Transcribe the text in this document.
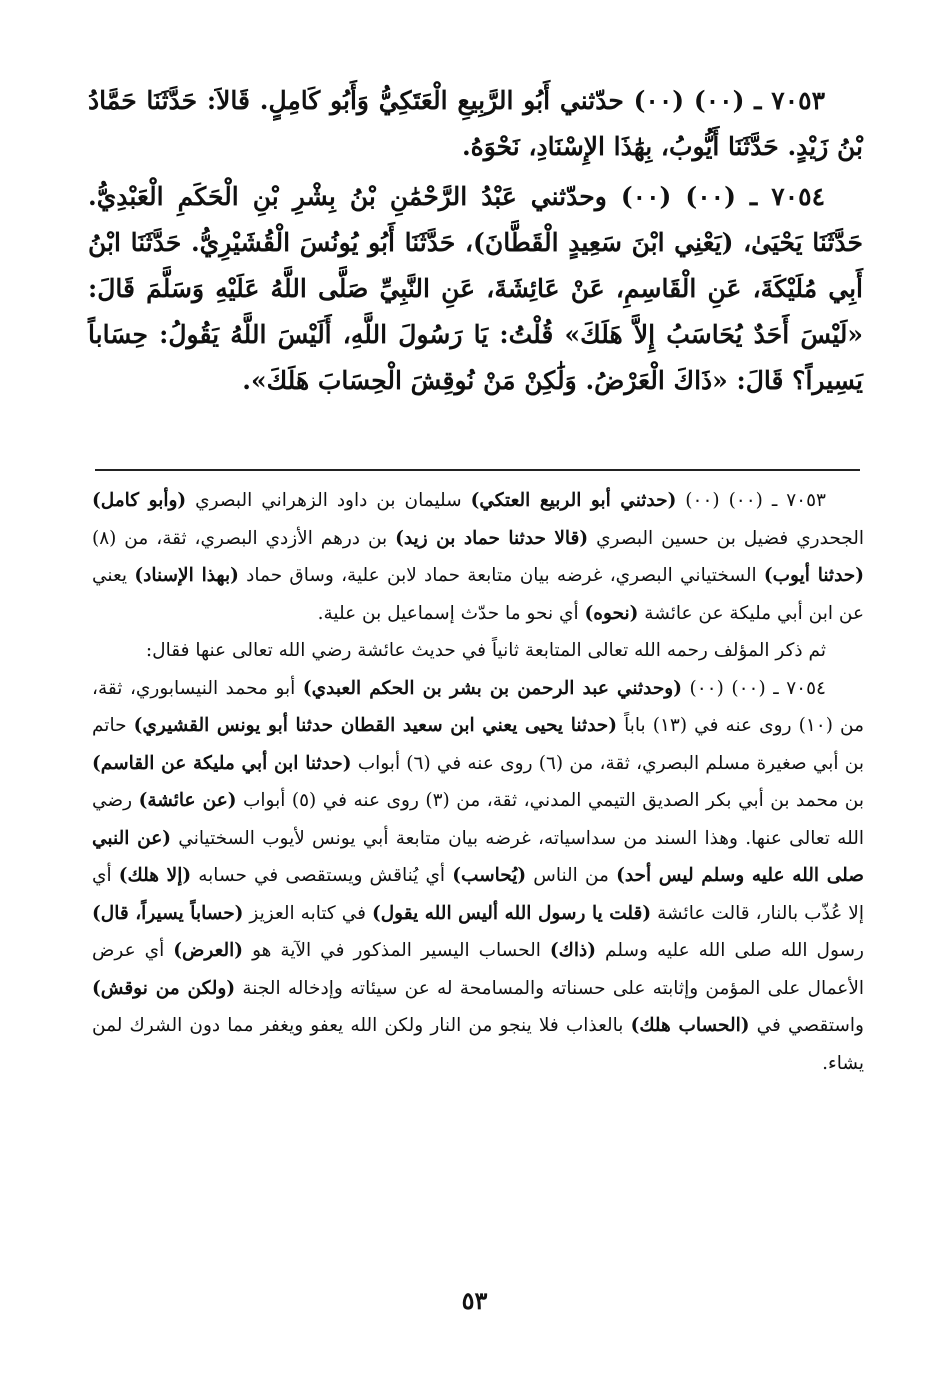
٧٠٥٣ ـ (٠٠) (٠٠) حدّثني أَبُو الرَّبِيعِ الْعَتَكِيُّ وَأَبُو كَامِلٍ. قَالاَ: حَدَّثَنَا حَمَّادُ بْنُ زَيْدٍ. حَدَّثَنَا أَيُّوبُ، بِهَٰذَا الإِسْنَادِ، نَحْوَهُ.

٧٠٥٤ ـ (٠٠) (٠٠) وحدّثني عَبْدُ الرَّحْمَٰنِ بْنُ بِشْرِ بْنِ الْحَكَمِ الْعَبْدِيُّ. حَدَّثَنَا يَحْيَىٰ، (يَعْنِي ابْنَ سَعِيدٍ الْقَطَّانَ)، حَدَّثَنَا أَبُو يُونُسَ الْقُشَيْرِيُّ. حَدَّثَنَا ابْنُ أَبِي مُلَيْكَةَ، عَنِ الْقَاسِمِ، عَنْ عَائِشَةَ، عَنِ النَّبِيِّ صَلَّى اللَّهُ عَلَيْهِ وَسَلَّمَ قَالَ: «لَيْسَ أَحَدٌ يُحَاسَبُ إِلاَّ هَلَكَ» قُلْتُ: يَا رَسُولَ اللَّهِ، أَلَيْسَ اللَّهُ يَقُولُ: حِسَاباً يَسِيراً؟ قَالَ: «ذَاكَ الْعَرْضُ. وَلَٰكِنْ مَنْ نُوقِشَ الْحِسَابَ هَلَكَ».

٧٠٥٣ ـ (٠٠) (٠٠) (حدثني أبو الربيع العتكي) سليمان بن داود الزهراني البصري (وأبو كامل) الجحدري فضيل بن حسين البصري (قالا حدثنا حماد بن زيد) بن درهم الأزدي البصري، ثقة، من (٨) (حدثنا أيوب) السختياني البصري، غرضه بيان متابعة حماد لابن علية، وساق حماد (بهذا الإسناد) يعني عن ابن أبي مليكة عن عائشة (نحوه) أي نحو ما حدّث إسماعيل بن علية.

ثم ذكر المؤلف رحمه الله تعالى المتابعة ثانياً في حديث عائشة رضي الله تعالى عنها فقال:

٧٠٥٤ ـ (٠٠) (٠٠) (وحدثني عبد الرحمن بن بشر بن الحكم العبدي) أبو محمد النيسابوري، ثقة، من (١٠) روى عنه في (١٣) باباً (حدثنا يحيى يعني ابن سعيد القطان حدثنا أبو يونس القشيري) حاتم بن أبي صغيرة مسلم البصري، ثقة، من (٦) روى عنه في (٦) أبواب (حدثنا ابن أبي مليكة عن القاسم) بن محمد بن أبي بكر الصديق التيمي المدني، ثقة، من (٣) روى عنه في (٥) أبواب (عن عائشة) رضي الله تعالى عنها. وهذا السند من سداسياته، غرضه بيان متابعة أبي يونس لأيوب السختياني (عن النبي صلى الله عليه وسلم ليس أحد) من الناس (يُحاسب) أي يُناقش ويستقصى في حسابه (إلا هلك) أي إلا عُذّب بالنار، قالت عائشة (قلت يا رسول الله أليس الله يقول) في كتابه العزيز (حساباً يسيراً، قال) رسول الله صلى الله عليه وسلم (ذاك) الحساب اليسير المذكور في الآية هو (العرض) أي عرض الأعمال على المؤمن وإثابته على حسناته والمسامحة له عن سيئاته وإدخاله الجنة (ولكن من نوقش) واستقصي في (الحساب هلك) بالعذاب فلا ينجو من النار ولكن الله يعفو ويغفر مما دون الشرك لمن يشاء.

٥٣
